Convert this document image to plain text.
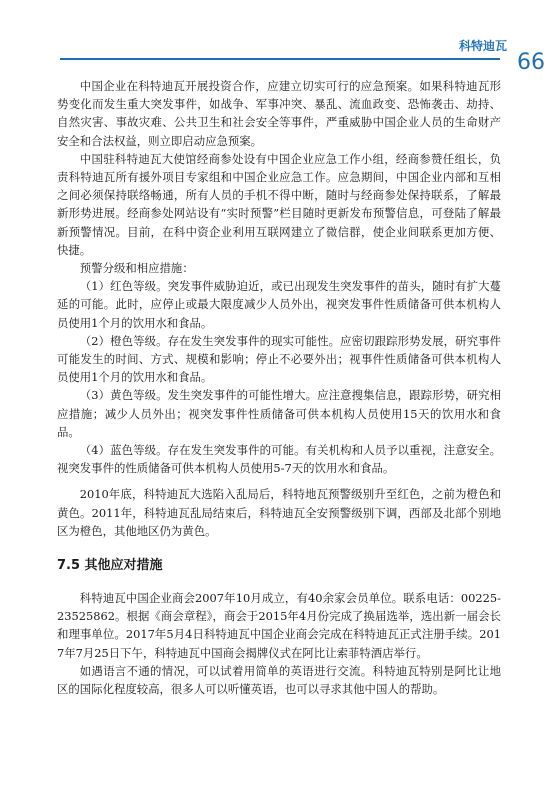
科特迪瓦
66

中国企业在科特迪瓦开展投资合作，应建立切实可行的应急预案。如果科特迪瓦形势变化而发生重大突发事件，如战争、军事冲突、暴乱、流血政变、恐怖袭击、劫持、自然灾害、事故灾难、公共卫生和社会安全等事件，严重威胁中国企业人员的生命财产安全和合法权益，则立即启动应急预案。

中国驻科特迪瓦大使馆经商参处设有中国企业应急工作小组，经商参赞任组长，负责科特迪瓦所有援外项目专家组和中国企业应急工作。应急期间，中国企业内部和互相之间必须保持联络畅通，所有人员的手机不得中断，随时与经商参处保持联系，了解最新形势进展。经商参处网站设有“实时预警”栏目随时更新发布预警信息，可登陆了解最新预警情况。目前，在科中资企业利用互联网建立了微信群，使企业间联系更加方便、快捷。

预警分级和相应措施：

（1）红色等级。突发事件威胁迫近，或已出现发生突发事件的苗头，随时有扩大蔓延的可能。此时，应停止或最大限度减少人员外出，视突发事件性质储备可供本机构人员使用1个月的饮用水和食品。

（2）橙色等级。存在发生突发事件的现实可能性。应密切跟踪形势发展，研究事件可能发生的时间、方式、规模和影响；停止不必要外出；视事件性质储备可供本机构人员使用1个月的饮用水和食品。

（3）黄色等级。发生突发事件的可能性增大。应注意搜集信息，跟踪形势，研究相应措施；减少人员外出；视突发事件性质储备可供本机构人员使用15天的饮用水和食品。

（4）蓝色等级。存在发生突发事件的可能。有关机构和人员予以重视，注意安全。视突发事件的性质储备可供本机构人员使用5-7天的饮用水和食品。

2010年底，科特迪瓦大选陷入乱局后，科特地瓦预警级别升至红色，之前为橙色和黄色。2011年，科特迪瓦乱局结束后，科特迪瓦全安预警级别下调，西部及北部个别地区为橙色，其他地区仍为黄色。

7.5 其他应对措施

科特迪瓦中国企业商会2007年10月成立，有40余家会员单位。联系电话：00225-23525862。根据《商会章程》，商会于2015年4月份完成了换届选举，选出新一届会长和理事单位。2017年5月4日科特迪瓦中国企业商会完成在科特迪瓦正式注册手续。2017年7月25日下午，科特迪瓦中国商会揭牌仪式在阿比让索菲特酒店举行。

如遇语言不通的情况，可以试着用简单的英语进行交流。科特迪瓦特别是阿比让地区的国际化程度较高，很多人可以听懂英语，也可以寻求其他中国人的帮助。
